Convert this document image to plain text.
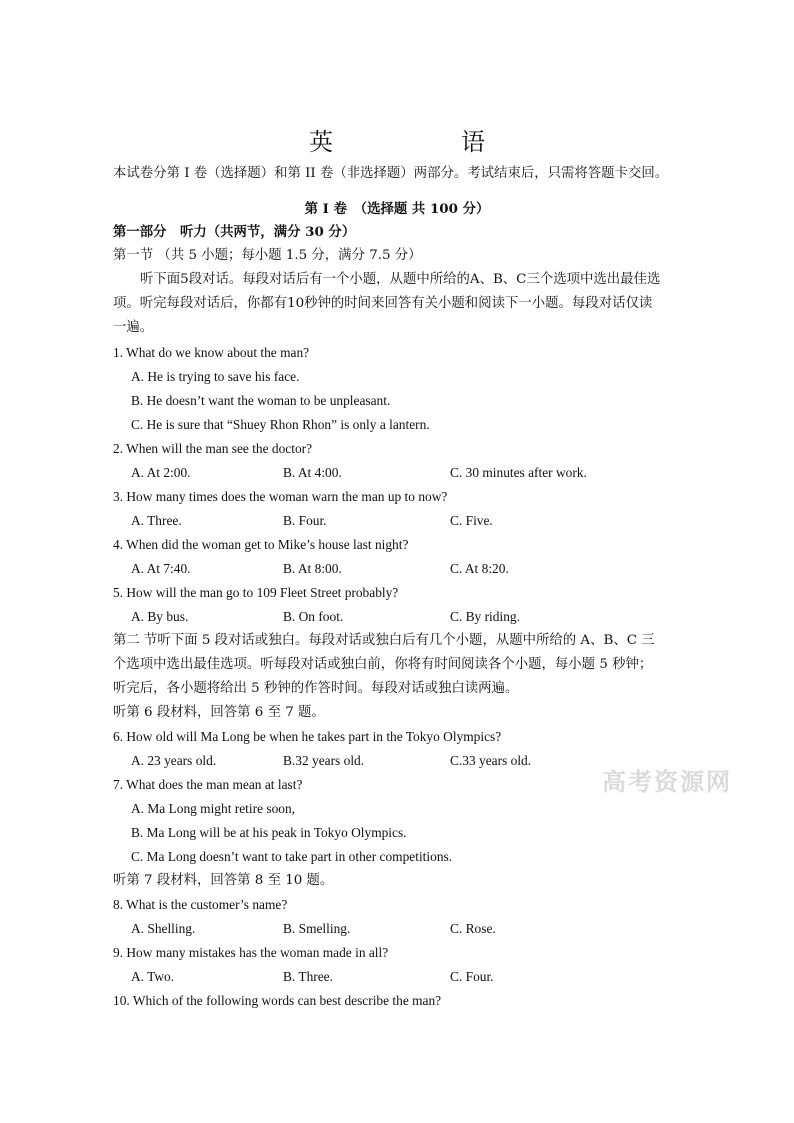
英　语
本试卷分第 I 卷（选择题）和第 II 卷（非选择题）两部分。考试结束后，只需将答题卡交回。
第 I 卷　（选择题 共 100 分）
第一部分　听力（共两节，满分 30 分）
第一节 （共 5 小题；每小题 1.5 分，满分 7.5 分）
听下面5段对话。每段对话后有一个小题，从题中所给的A、B、C三个选项中选出最佳选
项。听完每段对话后，你都有10秒钟的时间来回答有关小题和阅读下一小题。每段对话仅读
一遍。
1. What do we know about the man?
A. He is trying to save his face.
B. He doesn’t want the woman to be unpleasant.
C. He is sure that “Shuey Rhon Rhon” is only a lantern.
2. When will the man see the doctor?
A. At 2:00.	B. At 4:00.	C. 30 minutes after work.
3. How many times does the woman warn the man up to now?
A. Three.	B. Four.	C. Five.
4. When did the woman get to Mike’s house last night?
A. At 7:40.	B. At 8:00.	C. At 8:20.
5. How will the man go to 109 Fleet Street probably?
A. By bus.	B. On foot.	C. By riding.
第二 节听下面 5 段对话或独白。每段对话或独白后有几个小题，从题中所给的 A、B、C 三
个选项中选出最佳选项。听每段对话或独白前，你将有时间阅读各个小题，每小题 5 秒钟；
听完后，各小题将给出 5 秒钟的作答时间。每段对话或独白读两遍。
听第 6 段材料，回答第 6 至 7 题。
6. How old will Ma Long be when he takes part in the Tokyo Olympics?
A. 23 years old.	B.32 years old.	C.33 years old.
7. What does the man mean at last?
A. Ma Long might retire soon,
B. Ma Long will be at his peak in Tokyo Olympics.
C. Ma Long doesn’t want to take part in other competitions.
听第 7 段材料，回答第 8 至 10 题。
8. What is the customer’s name?
A. Shelling.	B. Smelling.	C. Rose.
9. How many mistakes has the woman made in all?
A. Two.	B. Three.	C. Four.
10. Which of the following words can best describe the man?
高考资源网
